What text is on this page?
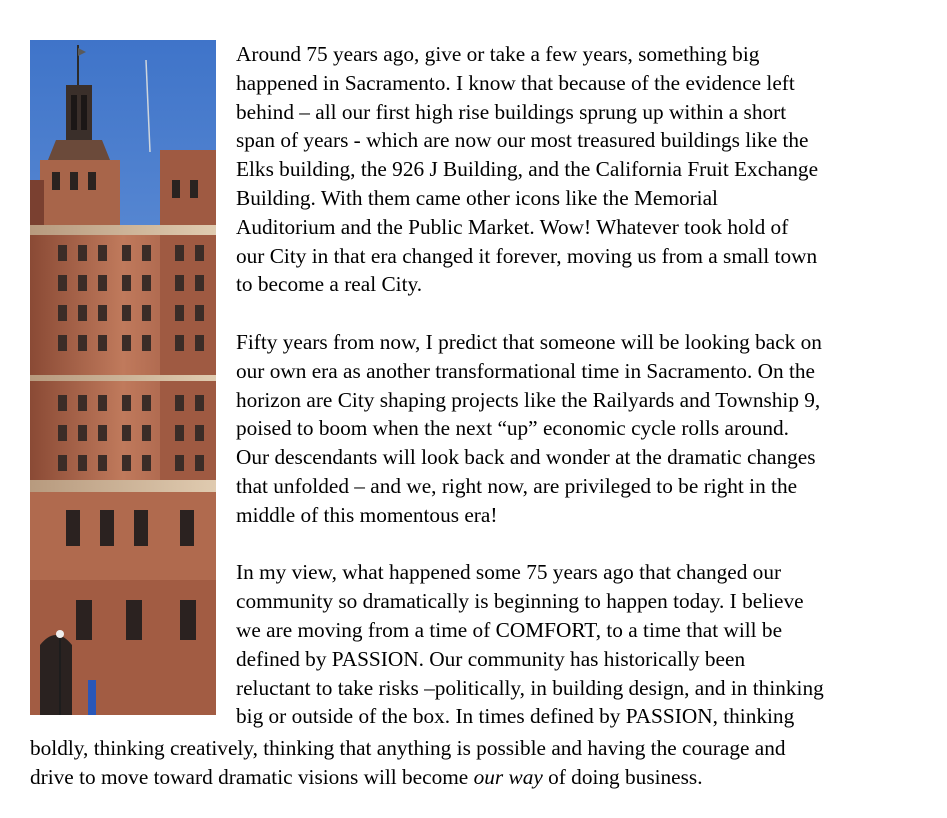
Around 75 years ago, give or take a few years, something big
happened in Sacramento. I know that because of the evidence left
behind – all our first high rise buildings sprung up within a short
span of years - which are now our most treasured buildings like the
Elks building, the 926 J Building, and the California Fruit Exchange
Building. With them came other icons like the Memorial
Auditorium and the Public Market. Wow! Whatever took hold of
our City in that era changed it forever, moving us from a small town
to become a real City.
Fifty years from now, I predict that someone will be looking back on
our own era as another transformational time in Sacramento. On the
horizon are City shaping projects like the Railyards and Township 9,
poised to boom when the next “up” economic cycle rolls around.
Our descendants will look back and wonder at the dramatic changes
that unfolded – and we, right now, are privileged to be right in the
middle of this momentous era!
In my view, what happened some 75 years ago that changed our
community so dramatically is beginning to happen today. I believe
we are moving from a time of COMFORT, to a time that will be
defined by PASSION. Our community has historically been
reluctant to take risks –politically, in building design, and in thinking
big or outside of the box. In times defined by PASSION, thinking
boldly, thinking creatively, thinking that anything is possible and having the courage and
drive to move toward dramatic visions will become our way of doing business.
